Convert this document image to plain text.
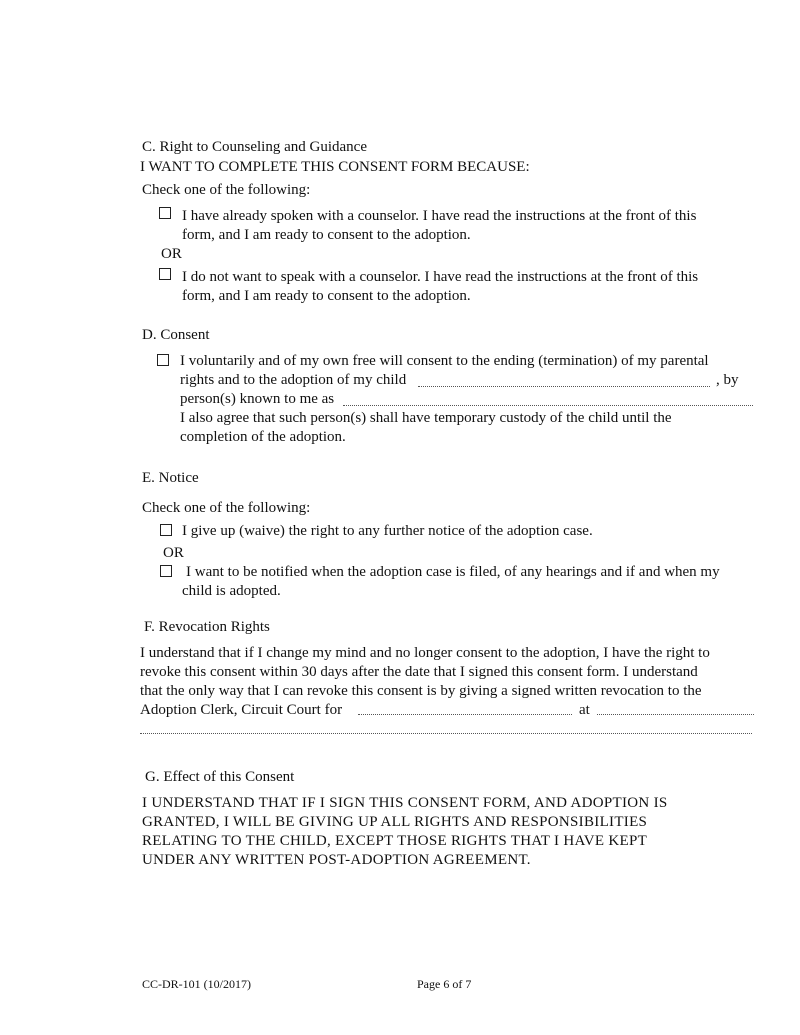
C. Right to Counseling and Guidance
I WANT TO COMPLETE THIS CONSENT FORM BECAUSE:
Check one of the following:
I have already spoken with a counselor. I have read the instructions at the front of this
form, and I am ready to consent to the adoption.
OR
I do not want to speak with a counselor. I have read the instructions at the front of this
form, and I am ready to consent to the adoption.
D. Consent
I voluntarily and of my own free will consent to the ending (termination) of my parental
rights and to the adoption of my child	, by
person(s) known to me as
I also agree that such person(s) shall have temporary custody of the child until the
completion of the adoption.
E. Notice
Check one of the following:
I give up (waive) the right to any further notice of the adoption case.
OR
I want to be notified when the adoption case is filed, of any hearings and if and when my
child is adopted.
F. Revocation Rights
I understand that if I change my mind and no longer consent to the adoption, I have the right to
revoke this consent within 30 days after the date that I signed this consent form. I understand
that the only way that I can revoke this consent is by giving a signed written revocation to the
Adoption Clerk, Circuit Court for	at
G. Effect of this Consent
I UNDERSTAND THAT IF I SIGN THIS CONSENT FORM, AND ADOPTION IS
GRANTED, I WILL BE GIVING UP ALL RIGHTS AND RESPONSIBILITIES
RELATING TO THE CHILD, EXCEPT THOSE RIGHTS THAT I HAVE KEPT
UNDER ANY WRITTEN POST-ADOPTION AGREEMENT.
CC-DR-101 (10/2017)	Page 6 of 7
